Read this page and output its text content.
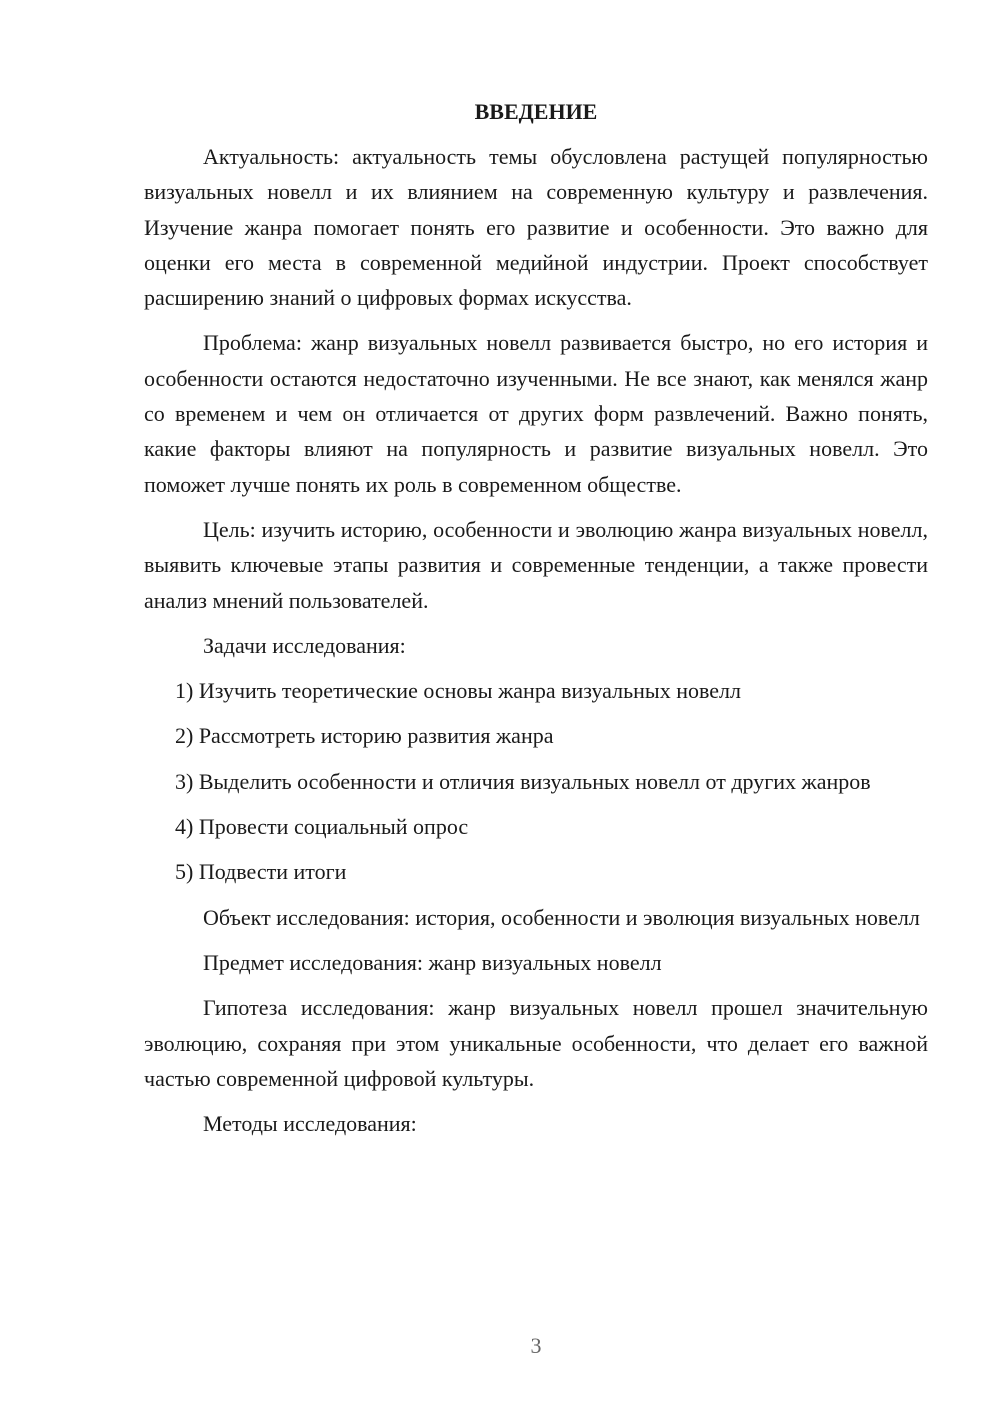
ВВЕДЕНИЕ

Актуальность: актуальность темы обусловлена растущей популярностью визуальных новелл и их влиянием на современную культуру и развлечения. Изучение жанра помогает понять его развитие и особенности. Это важно для оценки его места в современной медийной индустрии. Проект способствует расширению знаний о цифровых формах искусства.

Проблема: жанр визуальных новелл развивается быстро, но его история и особенности остаются недостаточно изученными. Не все знают, как менялся жанр со временем и чем он отличается от других форм развлечений. Важно понять, какие факторы влияют на популярность и развитие визуальных новелл. Это поможет лучше понять их роль в современном обществе.

Цель: изучить историю, особенности и эволюцию жанра визуальных новелл, выявить ключевые этапы развития и современные тенденции, а также провести анализ мнений пользователей.

Задачи исследования:

1) Изучить теоретические основы жанра визуальных новелл

2) Рассмотреть историю развития жанра

3) Выделить особенности и отличия визуальных новелл от других жанров

4) Провести социальный опрос

5) Подвести итоги

Объект исследования: история, особенности и эволюция визуальных новелл

Предмет исследования: жанр визуальных новелл

Гипотеза исследования: жанр визуальных новелл прошел значительную эволюцию, сохраняя при этом уникальные особенности, что делает его важной частью современной цифровой культуры.

Методы исследования:

3
